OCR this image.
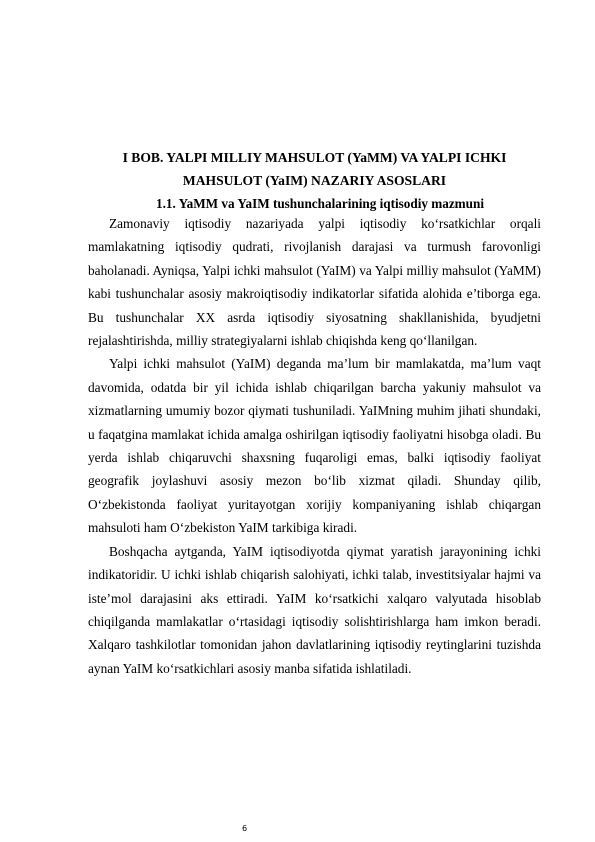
I BOB. YALPI MILLIY MAHSULOT (YaMM) VA YALPI ICHKI
MAHSULOT (YaIM) NAZARIY ASOSLARI
1.1. YaMM va YaIM tushunchalarining iqtisodiy mazmuni

Zamonaviy iqtisodiy nazariyada yalpi iqtisodiy ko‘rsatkichlar orqali mamlakatning iqtisodiy qudrati, rivojlanish darajasi va turmush farovonligi baholanadi. Ayniqsa, Yalpi ichki mahsulot (YaIM) va Yalpi milliy mahsulot (YaMM) kabi tushunchalar asosiy makroiqtisodiy indikatorlar sifatida alohida e’tiborga ega. Bu tushunchalar XX asrda iqtisodiy siyosatning shakllanishida, byudjetni rejalashtirishda, milliy strategiyalarni ishlab chiqishda keng qo‘llanilgan.

Yalpi ichki mahsulot (YaIM) deganda ma’lum bir mamlakatda, ma’lum vaqt davomida, odatda bir yil ichida ishlab chiqarilgan barcha yakuniy mahsulot va xizmatlarning umumiy bozor qiymati tushuniladi. YaIMning muhim jihati shundaki, u faqatgina mamlakat ichida amalga oshirilgan iqtisodiy faoliyatni hisobga oladi. Bu yerda ishlab chiqaruvchi shaxsning fuqaroligi emas, balki iqtisodiy faoliyat geografik joylashuvi asosiy mezon bo‘lib xizmat qiladi. Shunday qilib, O‘zbekistonda faoliyat yuritayotgan xorijiy kompaniyaning ishlab chiqargan mahsuloti ham O‘zbekiston YaIM tarkibiga kiradi.

Boshqacha aytganda, YaIM iqtisodiyotda qiymat yaratish jarayonining ichki indikatoridir. U ichki ishlab chiqarish salohiyati, ichki talab, investitsiyalar hajmi va iste’mol darajasini aks ettiradi. YaIM ko‘rsatkichi xalqaro valyutada hisoblab chiqilganda mamlakatlar o‘rtasidagi iqtisodiy solishtirishlarga ham imkon beradi. Xalqaro tashkilotlar tomonidan jahon davlatlarining iqtisodiy reytinglarini tuzishda aynan YaIM ko‘rsatkichlari asosiy manba sifatida ishlatiladi.

6
